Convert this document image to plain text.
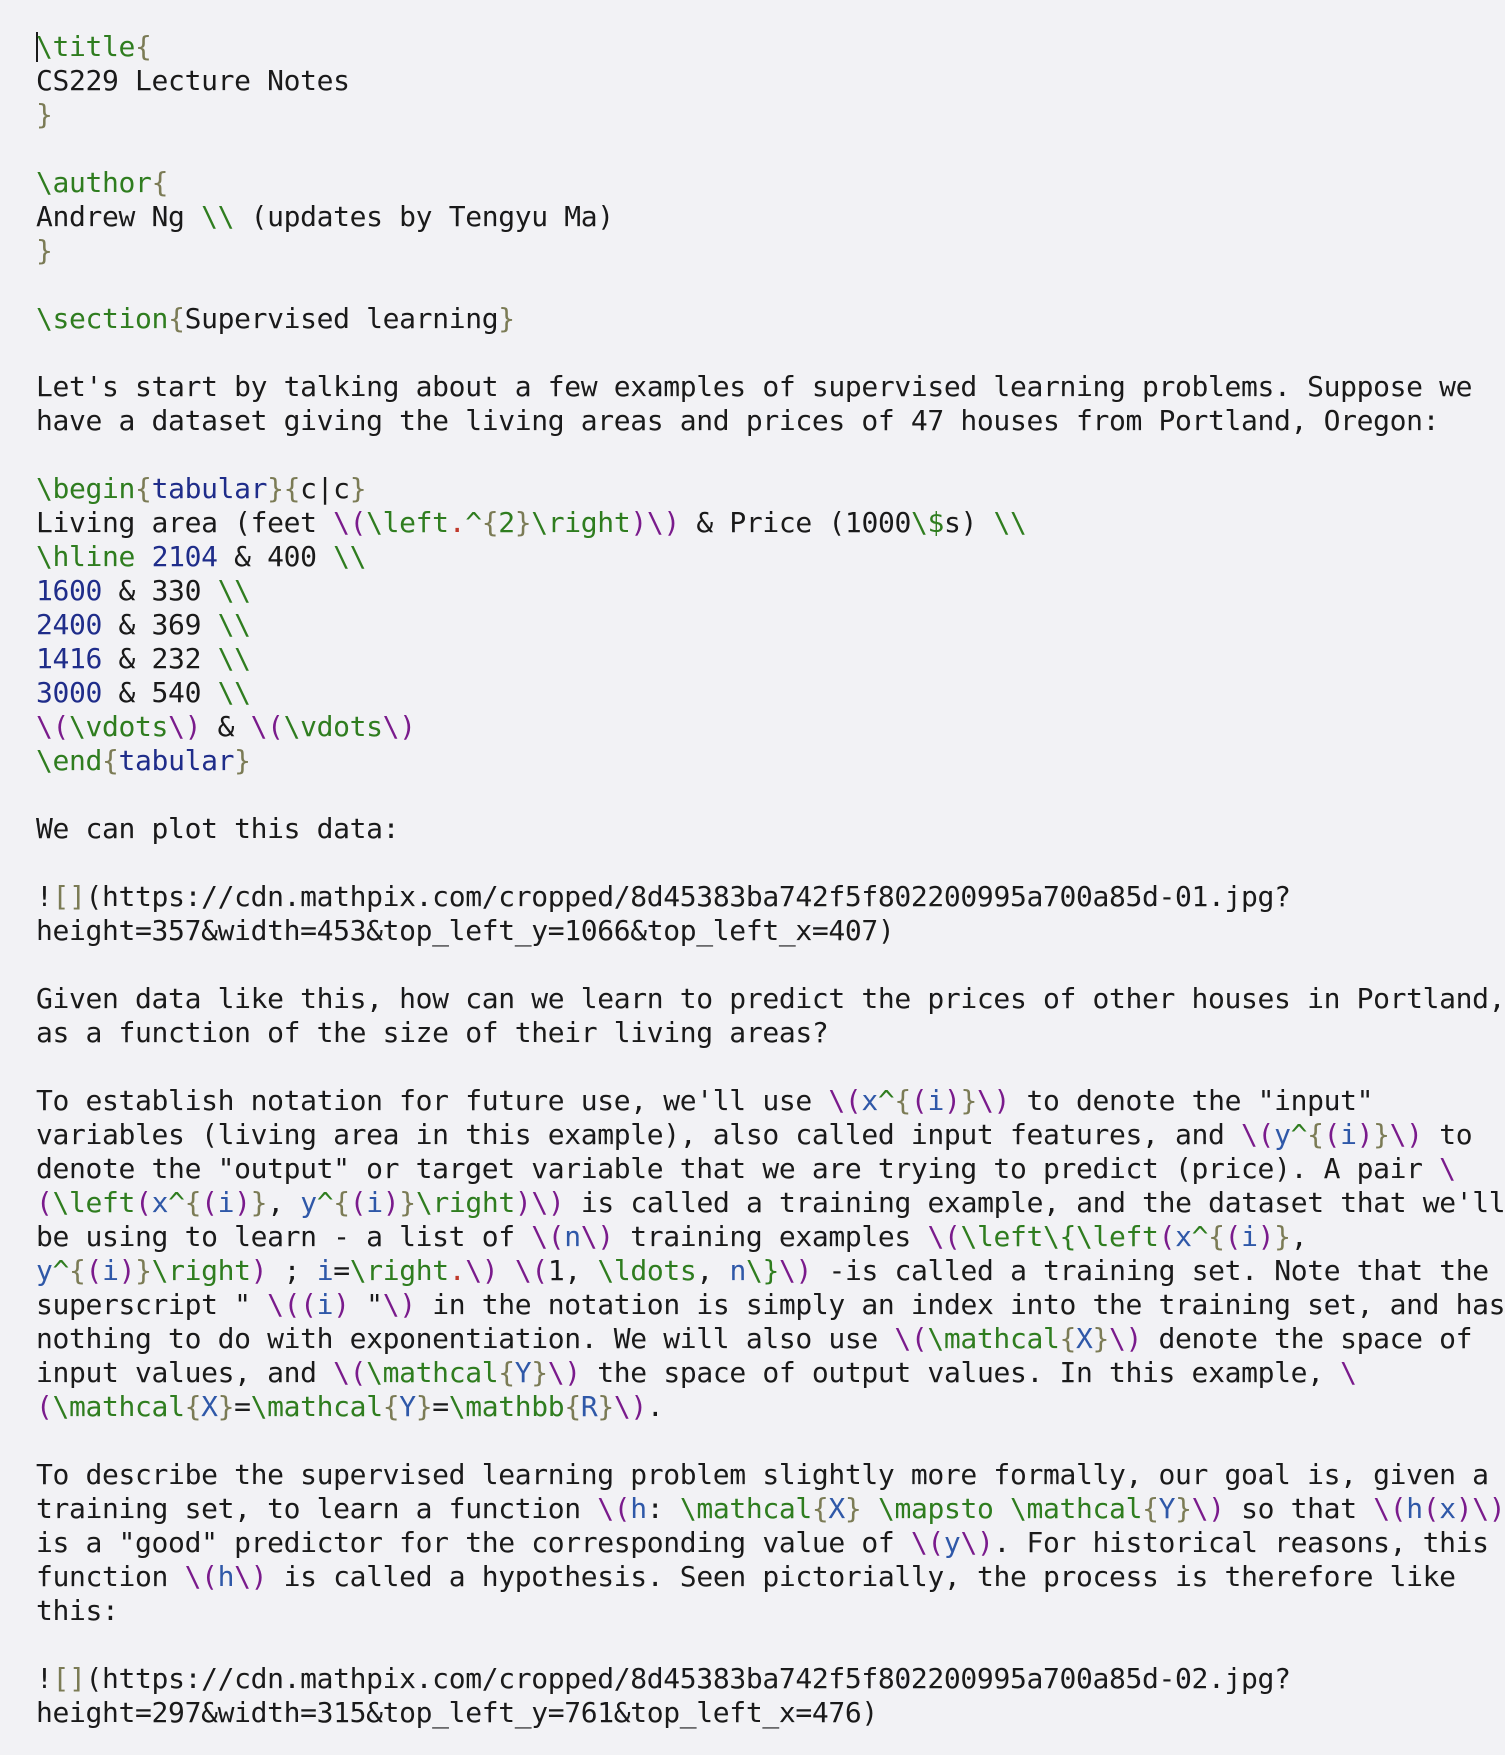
\title{
CS229 Lecture Notes
}
\author{
Andrew Ng \\ (updates by Tengyu Ma)
}
\section{Supervised learning}
Let's start by talking about a few examples of supervised learning problems. Suppose we
have a dataset giving the living areas and prices of 47 houses from Portland, Oregon:
\begin{tabular}{c|c}
Living area (feet \(\left.^{2}\right)\) & Price (1000\$s) \\
\hline 2104 & 400 \\
1600 & 330 \\
2400 & 369 \\
1416 & 232 \\
3000 & 540 \\
\(\vdots\) & \(\vdots\)
\end{tabular}
We can plot this data:
![](https://cdn.mathpix.com/cropped/8d45383ba742f5f802200995a700a85d-01.jpg?
height=357&width=453&top_left_y=1066&top_left_x=407)
Given data like this, how can we learn to predict the prices of other houses in Portland,
as a function of the size of their living areas?
To establish notation for future use, we'll use \(x^{(i)}\) to denote the "input"
variables (living area in this example), also called input features, and \(y^{(i)}\) to
denote the "output" or target variable that we are trying to predict (price). A pair \
(\left(x^{(i)}, y^{(i)}\right)\) is called a training example, and the dataset that we'll
be using to learn - a list of \(n\) training examples \(\left\{\left(x^{(i)},
y^{(i)}\right) ; i=\right.\) \(1, \ldots, n\}\) -is called a training set. Note that the
superscript " \((i) "\) in the notation is simply an index into the training set, and has
nothing to do with exponentiation. We will also use \(\mathcal{X}\) denote the space of
input values, and \(\mathcal{Y}\) the space of output values. In this example, \
(\mathcal{X}=\mathcal{Y}=\mathbb{R}\).
To describe the supervised learning problem slightly more formally, our goal is, given a
training set, to learn a function \(h: \mathcal{X} \mapsto \mathcal{Y}\) so that \(h(x)\)
is a "good" predictor for the corresponding value of \(y\). For historical reasons, this
function \(h\) is called a hypothesis. Seen pictorially, the process is therefore like
this:
![](https://cdn.mathpix.com/cropped/8d45383ba742f5f802200995a700a85d-02.jpg?
height=297&width=315&top_left_y=761&top_left_x=476)
